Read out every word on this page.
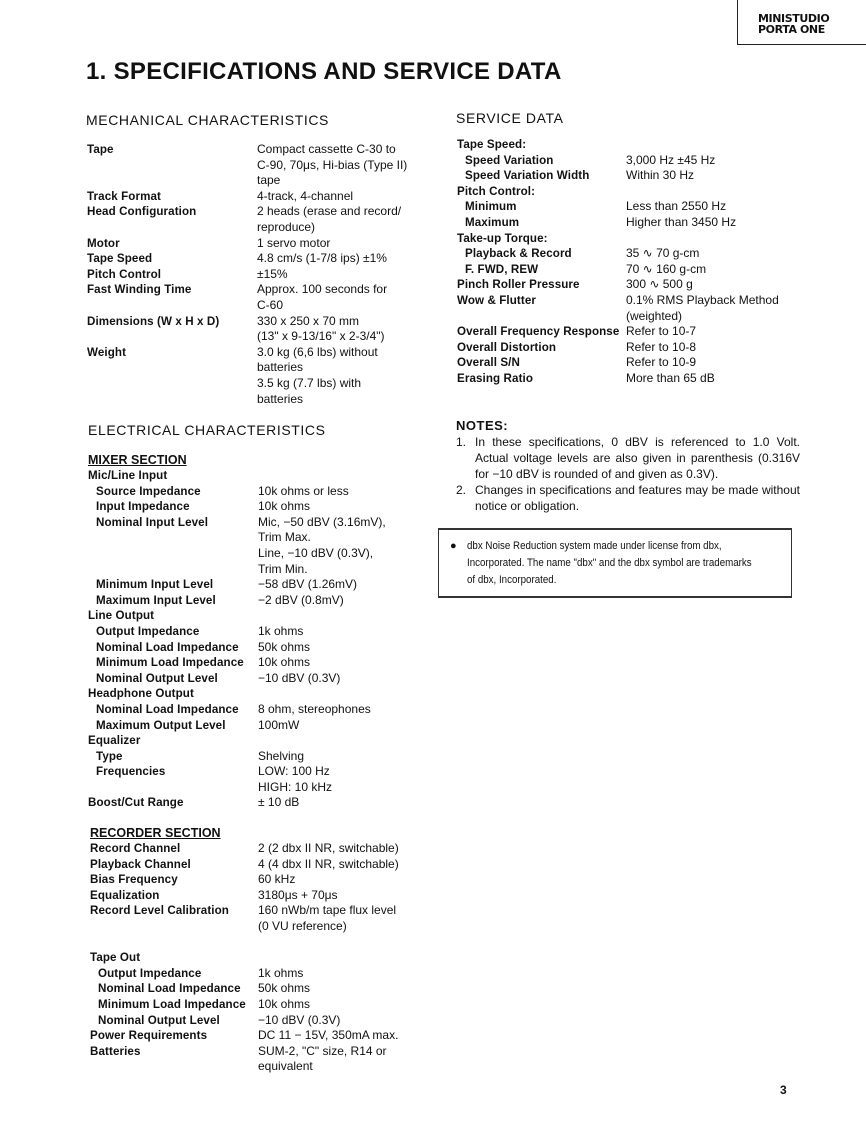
MINISTUDIO
PORTA ONE
1. SPECIFICATIONS AND SERVICE DATA
MECHANICAL CHARACTERISTICS
Tape	Compact cassette C-30 to
C-90, 70μs, Hi-bias (Type II)
tape
Track Format	4-track, 4-channel
Head Configuration	2 heads (erase and record/
reproduce)
Motor	1 servo motor
Tape Speed	4.8 cm/s (1-7/8 ips) ±1%
Pitch Control	±15%
Fast Winding Time	Approx. 100 seconds for
C-60
Dimensions (W x H x D)	330 x 250 x 70 mm
(13" x 9-13/16" x 2-3/4")
Weight	3.0 kg (6,6 lbs) without
batteries
3.5 kg (7.7 lbs) with
batteries
ELECTRICAL CHARACTERISTICS
MIXER SECTION
Mic/Line Input
Source Impedance	10k ohms or less
Input Impedance	10k ohms
Nominal Input Level	Mic, −50 dBV (3.16mV),
Trim Max.
Line, −10 dBV (0.3V),
Trim Min.
Minimum Input Level	−58 dBV (1.26mV)
Maximum Input Level	−2 dBV (0.8mV)
Line Output
Output Impedance	1k ohms
Nominal Load Impedance 50k ohms
Minimum Load Impedance 10k ohms
Nominal Output Level	−10 dBV (0.3V)
Headphone Output
Nominal Load Impedance 8 ohm, stereophones
Maximum Output Level	100mW
Equalizer
Type	Shelving
Frequencies	LOW: 100 Hz
HIGH: 10 kHz
Boost/Cut Range	± 10 dB
RECORDER SECTION
Record Channel	2 (2 dbx II NR, switchable)
Playback Channel	4 (4 dbx II NR, switchable)
Bias Frequency	60 kHz
Equalization	3180μs + 70μs
Record Level Calibration 160 nWb/m tape flux level
(0 VU reference)
Tape Out
Output Impedance	1k ohms
Nominal Load Impedance 50k ohms
Minimum Load Impedance 10k ohms
Nominal Output Level	−10 dBV (0.3V)
Power Requirements	DC 11 − 15V, 350mA max.
Batteries	SUM-2, "C" size, R14 or
equivalent
SERVICE DATA
Tape Speed:
Speed Variation	3,000 Hz ±45 Hz
Speed Variation Width	Within 30 Hz
Pitch Control:
Minimum	Less than 2550 Hz
Maximum	Higher than 3450 Hz
Take-up Torque:
Playback & Record	35 ∿ 70 g-cm
F. FWD, REW	70 ∿ 160 g-cm
Pinch Roller Pressure	300 ∿ 500 g
Wow & Flutter	0.1% RMS Playback Method
(weighted)
Overall Frequency Response Refer to 10-7
Overall Distortion	Refer to 10-8
Overall S/N	Refer to 10-9
Erasing Ratio	More than 65 dB
NOTES:
1. In these specifications, 0 dBV is referenced to 1.0 Volt. Actual voltage levels are also given in parenthesis (0.316V for −10 dBV is rounded of and given as 0.3V).
2. Changes in specifications and features may be made without notice or obligation.
● dbx Noise Reduction system made under license from dbx, Incorporated. The name "dbx" and the dbx symbol are trademarks of dbx, Incorporated.
3
